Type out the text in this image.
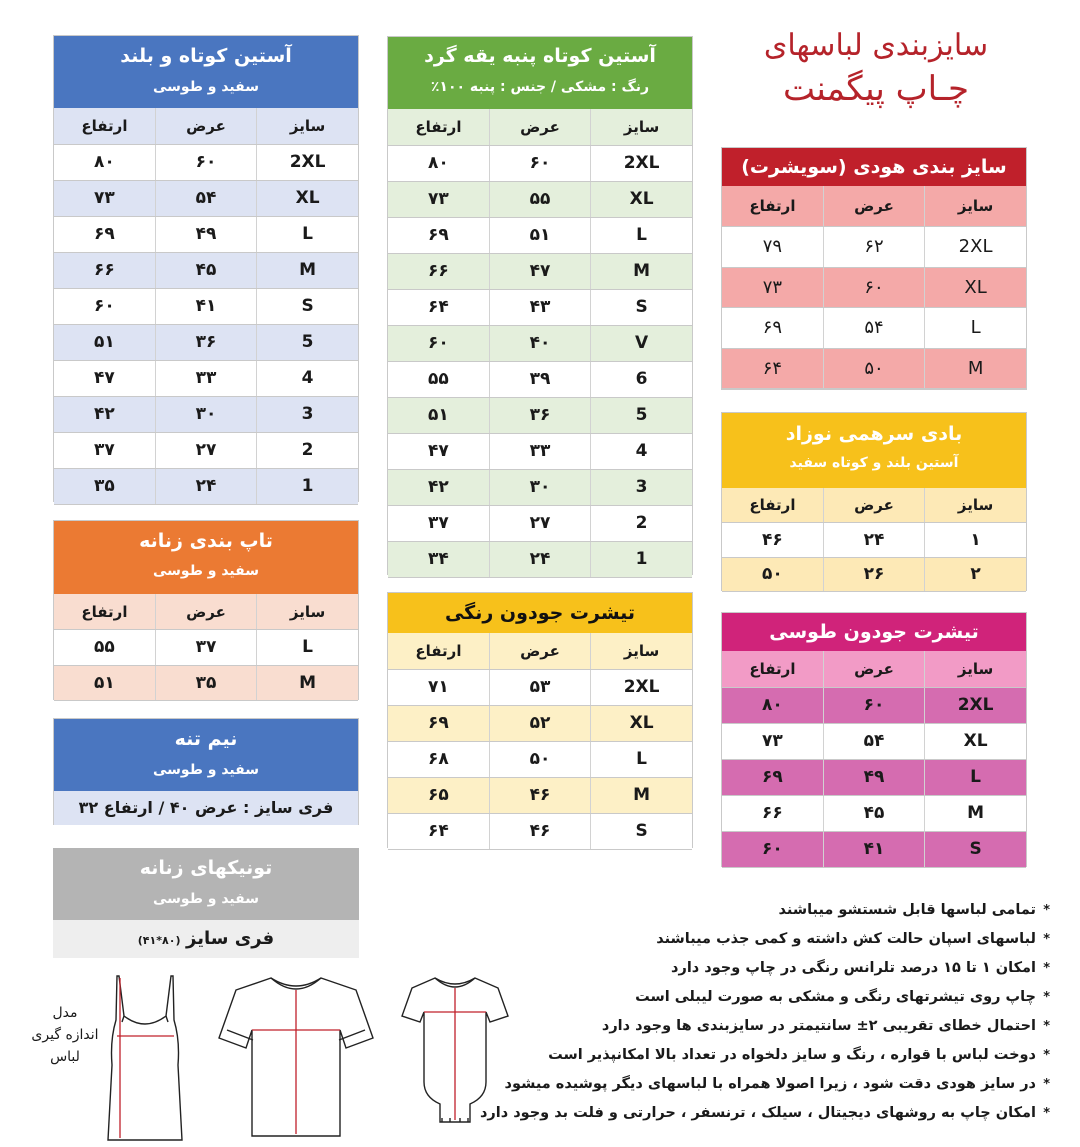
سایزبندی لباسهای
چـاپ پیگمنت
آستین کوتاه و بلند
سفید و طوسی
سایز	عرض	ارتفاع
2XL	۶۰	۸۰
XL	۵۴	۷۳
L	۴۹	۶۹
M	۴۵	۶۶
S	۴۱	۶۰
5	۳۶	۵۱
4	۳۳	۴۷
3	۳۰	۴۲
2	۲۷	۳۷
1	۲۴	۳۵
آستین کوتاه پنبه یقه گرد
رنگ : مشکی / جنس : پنبه ۱۰۰٪
سایز	عرض	ارتفاع
2XL	۶۰	۸۰
XL	۵۵	۷۳
L	۵۱	۶۹
M	۴۷	۶۶
S	۴۳	۶۴
V	۴۰	۶۰
6	۳۹	۵۵
5	۳۶	۵۱
4	۳۳	۴۷
3	۳۰	۴۲
2	۲۷	۳۷
1	۲۴	۳۴
سایز بندی هودی (سویشرت)
سایز	عرض	ارتفاع
2XL	۶۲	۷۹
XL	۶۰	۷۳
L	۵۴	۶۹
M	۵۰	۶۴
بادی سرهمی نوزاد
آستین بلند و کوتاه سفید
سایز	عرض	ارتفاع
۱	۲۴	۴۶
۲	۲۶	۵۰
تیشرت جودون طوسی
سایز	عرض	ارتفاع
2XL	۶۰	۸۰
XL	۵۴	۷۳
L	۴۹	۶۹
M	۴۵	۶۶
S	۴۱	۶۰
تاپ بندی زنانه
سفید و طوسی
سایز	عرض	ارتفاع
L	۳۷	۵۵
M	۳۵	۵۱
تیشرت جودون رنگی
سایز	عرض	ارتفاع
2XL	۵۳	۷۱
XL	۵۲	۶۹
L	۵۰	۶۸
M	۴۶	۶۵
S	۴۶	۶۴
نیم تنه
سفید و طوسی
فری سایز : عرض ۴۰ / ارتفاع ۳۲
تونیکهای زنانه
سفید و طوسی
فری سایز (۸۰*۴۱)
مدل
اندازه گیری
لباس
*تمامی لباسها قابل شستشو میباشند
*لباسهای اسپان حالت کش داشته و کمی جذب میباشند
*امکان ۱ تا ۱۵ درصد تلرانس رنگی در چاپ وجود دارد
*چاپ روی تیشرتهای رنگی و مشکی به صورت لیبلی است
*احتمال خطای تقریبی ۲± سانتیمتر در سایزبندی ها وجود دارد
*دوخت لباس با قواره ، رنگ و سایز دلخواه در تعداد بالا امکانپذیر است
*در سایز هودی دقت شود ، زیرا اصولا همراه با لباسهای دیگر پوشیده میشود
*امکان چاپ به روشهای دیجیتال ، سیلک ، ترنسفر ، حرارتی و فلت بد وجود دارد
